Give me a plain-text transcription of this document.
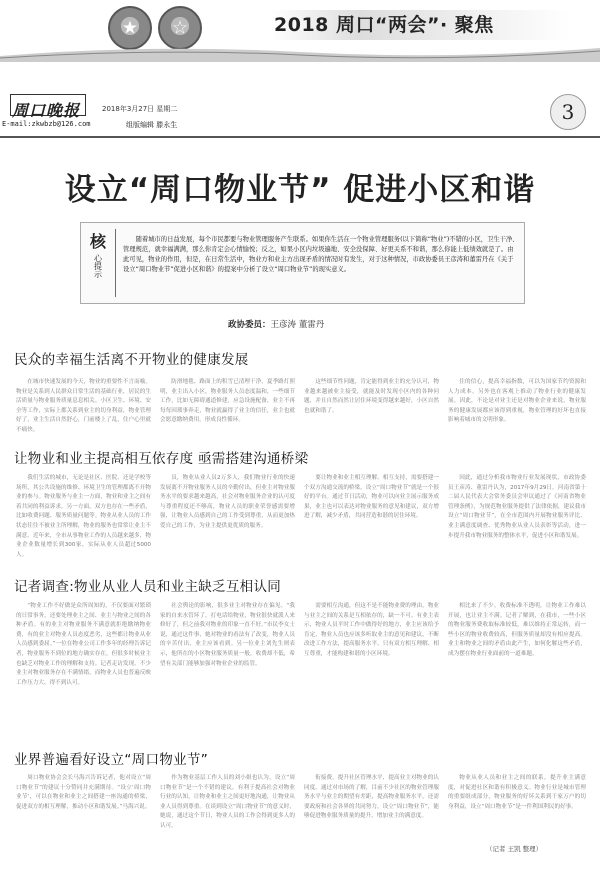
★ ☆	2018 周口“两会”· 聚焦
周口晚报
E-mail:zkwbzb@126.com
2018年3月27日 星期二
组版编辑 滕永生
3
设立“周口物业节” 促进小区和谐
核
心提示
随着城市的日益发展，每个市民都要与物业管理服务产生联系。如果你生活在一个物业管理服务(以下简称“物业”)不错的小区，卫生干净、管理规范，就幸福满满，那么你肯定会心情愉悦；反之，如果小区内垃圾遍地、安全没保障、好更关系不和谐，那么你能上低绩效就是了。由此可见，物业的作用，但是，在日常生活中，物业方和业主方出现矛盾的情况时有发生，对于这种情况，市政协委员王彦涛和董雷丹在《关于设立“周口物业节”促进小区和谐》的提案中分析了设立“周口物业节”的现实意义。
政协委员：王彦涛 董雷丹
民众的幸福生活离不开物业的健康发展

在城市快速发展的今天，物业的重要性不言而喻。物业是关系到人民群众日常生活的基础行业，居民的生活质量与物业服务质量息息相关。小区卫生、环境、安全等工作，实际上都关系到业主的切身利益，物业管理好了，业主生活自然舒心，门前楼上了乱，住户心里就不痛快。

防滑地毯、路面上的积雪已清理干净，夏季路灯照明，业主出入小区，物业服务人员态度温和，一些细节工作，比如无障碍通道修建，应急设施配备，业主不再每每因琐事奔走，物业就赢得了业主的信任，业主也就会愿意缴纳费用，形成良性循环。

这些细节性问题，肯定能得到业主的充分认可，物业越来越被业主接受，就能及时发现小区内的各种问题，并且自然而然让居住环境变得越来越好，小区自然也就和谐了。

住的信心，提高幸福指数，可以为国家节约资源和人力成本，另外也在客观上推动了物业行业的健康发展。因此，不论是对业主还是对物业企业来说，物业服务的健康发展都应该得到重视，物业管理的好坏也直接影响着城市的文明形象。

让物业和业主提高相互依存度 亟需搭建沟通桥梁

我们生活的城市，无论是社区、医院、还是学校等场所，其公共设施的维修、环境卫生的管理都离不开物业的参与。物业服务与业主一方面，物业和业主之间有着共同的利益诉求，另一方面，双方也存在一些矛盾，比如收费问题、服务质量问题等。物业从业人员的工作状态往往不被业主所理解，物业的服务也常常让业主不满意。近年来，全市从事物业工作的人员越来越多，物业企业数量增长到300家，实际从业人员超过5000人。

员，物业从业人员2万多人，我们物业行业的快速发展离不开物业服务人员的辛勤付出，但业主对物业服务水平的要求越来越高，社会对物业服务企业的认可度与尊重程度还不够高，物业人员的职业荣誉感需要增强，让物业人员感到自己的工作受到尊重，从而更加热爱自己的工作，为业主提供更优质的服务。

要让物业和业主相互理解、相互支持，需要搭建一个双方沟通交流的桥梁，设立“周口物业节”就是一个很好的平台。通过节日活动，物业可以向业主展示服务成果，业主也可以表达对物业服务的意见和建议，双方增进了解，减少矛盾，共同营造和谐的居住环境。

因此，通过分析我市物业行业发展现状，市政协委员王彦涛、董雷丹认为，2017年9月29日，河南省第十二届人民代表大会常务委员会审议通过了《河南省物业管理条例》，为规范物业服务提供了法律依据，建议我市设立“周口物业节”，在全市范围内开展物业服务评比、业主满意度调查、优秀物业从业人员表彰等活动，进一步提升我市物业服务的整体水平，促进小区和谐发展。

记者调查:物业从业人员和业主缺乏互相认同

“物业工作不好做是众所周知的，不仅要面对繁琐的日常事务，还要处理业主之间、业主与物业之间的各种矛盾。有的业主对物业服务不满意就拒绝缴纳物业费，有的业主对物业人员态度恶劣，这些都让物业从业人员感到委屈。”一位在物业公司工作多年的经理告诉记者，物业服务不到位的地方确实存在，但很多时候业主也缺乏对物业工作的理解和支持。记者走访发现，不少业主对物业服务存在不满情绪，而物业人员也普遍反映工作压力大、得不到认可。

社会舆论的影响，很多业主对物业存在偏见。“我家的自来水管坏了，打电话给物业，物业很快就派人来修好了，但之前我对物业的印象一直不好。”市民李女士说，通过这件事，她对物业的看法有了改变，物业人员的辛苦付出，业主应该看到。另一位业主刘先生则表示，他所在的小区物业服务质量一般，收费却不低，希望有关部门能够加强对物业企业的监管。

需要相互沟通，但这不是不能物业费的理由，物业与业主之间的关系是互相依存的，缺一不可。有业主表示，物业人员平时工作中做得好的地方，业主应该给予肯定，物业人员也应该多听取业主的意见和建议，不断改进工作方法，提高服务水平。只有双方相互理解、相互尊重，才能构建和谐的小区环境。

相比来了不少。收费标准不透明，让物业工作难以开展，也让业主不满。记者了解到，在我市，一些小区的物业服务费收取标准较低，难以维持正常运转，而一些小区的物业收费较高，但服务质量却没有相应提高。业主和物业之间的矛盾由此产生，如何化解这些矛盾，成为摆在物业行业面前的一道难题。

业界普遍看好设立“周口物业节”

周口物业协会会长马海兴告诉记者，他对设立“周口物业节”的建议十分赞同并充满期待。“设立‘周口物业节’，可以在物业和业主之间搭建一座沟通的桥梁，促进双方的相互理解，推动小区和谐发展。”马海兴说。

作为物业基层工作人员的刘小姐也认为，设立“周口物业节”是一个不错的建议，有利于提高社会对物业行业的认知，让物业和业主之间更好地沟通，让物业从业人员得到尊重。在谈到设立“周口物业节”的意义时，她说，通过这个节日，物业人员的工作会得到更多人的认可。

衔接费，提升社区管理水平，提高业主对物业的认同度。通过对市场的了解，目前不少社区的物业管理服务水平与业主的期望有差距，提高物业服务水平，还需要政府和社会各界的共同努力，设立“周口物业节”，能够促进物业服务质量的提升，增加业主的满意度。

物业从业人员和业主之间的联系，提升业主满意度，对促进社区和谐有积极意义。物业行业是城市管理的重要组成部分，物业服务的好坏关系到千家万户的切身利益，设立“周口物业节”是一件利国利民的好事。

（记者 王凯 整理）
